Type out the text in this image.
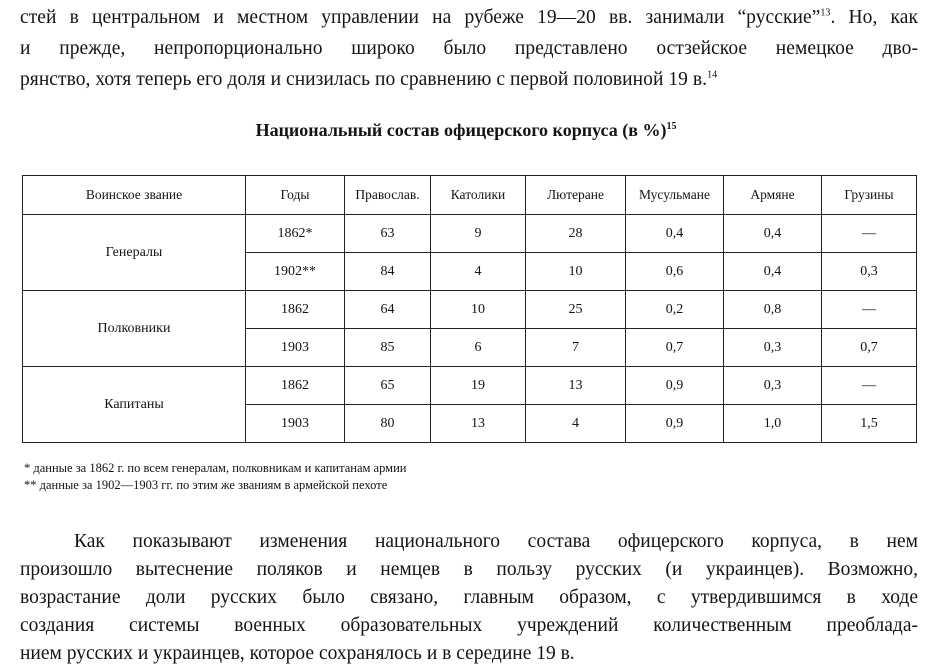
стей в центральном и местном управлении на рубеже 19—20 вв. занимали “русские”$^{13}$. Но, как
и прежде, непропорционально широко было представлено остзейское немецкое дво-
рянство, хотя теперь его доля и снизилась по сравнению с первой половиной 19 в.$^{14}$
Национальный состав офицерского корпуса (в %)$^{15}$
Воинское звание	Годы	Православ.	Католики	Лютеране	Мусульмане	Армяне	Грузины
Генералы	1862*	63	9	28	0,4	0,4	—
	1902**	84	4	10	0,6	0,4	0,3
Полковники	1862	64	10	25	0,2	0,8	—
	1903	85	6	7	0,7	0,3	0,7
Капитаны	1862	65	19	13	0,9	0,3	—
	1903	80	13	4	0,9	1,0	1,5
* данные за 1862 г. по всем генералам, полковникам и капитанам армии
** данные за 1902—1903 гг. по этим же званиям в армейской пехоте
Как показывают изменения национального состава офицерского корпуса, в нем
произошло вытеснение поляков и немцев в пользу русских (и украинцев). Возможно,
возрастание доли русских было связано, главным образом, с утвердившимся в ходе
создания системы военных образовательных учреждений количественным преоблада-
нием русских и украинцев, которое сохранялось и в середине 19 в.
